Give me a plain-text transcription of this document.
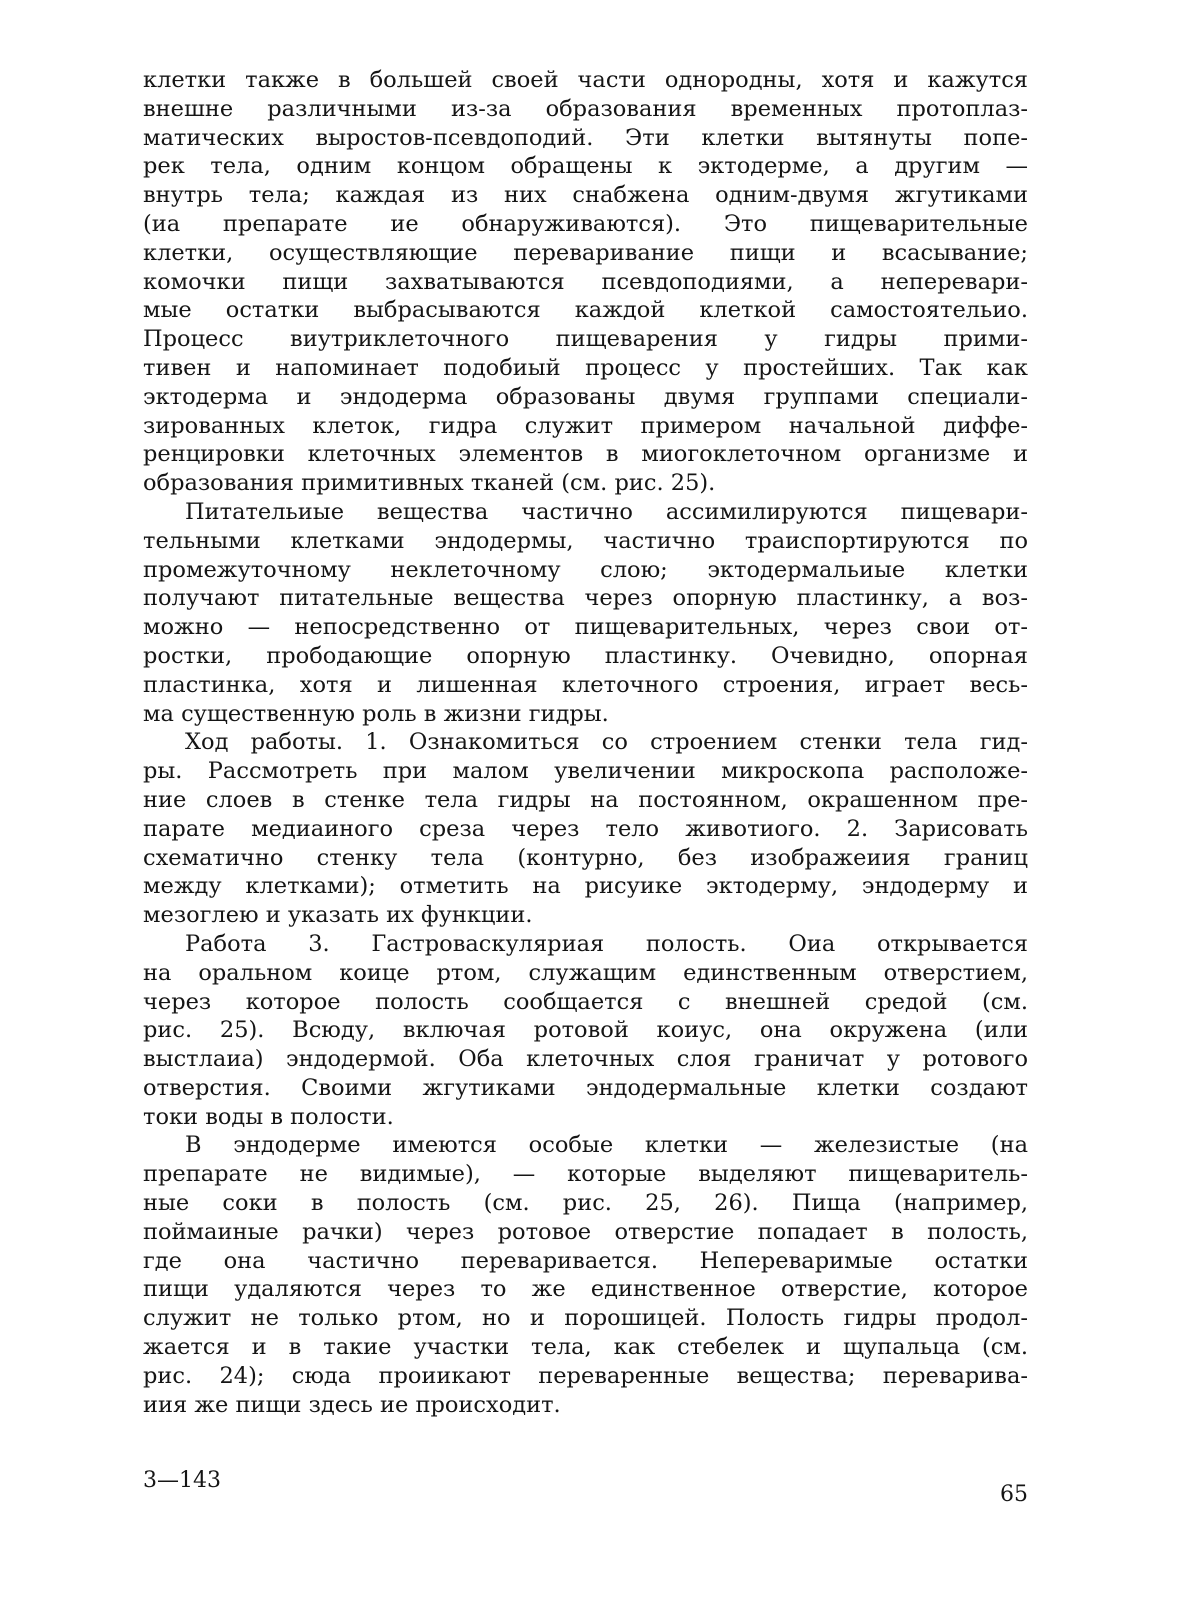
клетки также в большей своей части однородны, хотя и кажутся
внешне различными из-за образования временных протоплаз-
матических выростов-псевдоподий. Эти клетки вытянуты попе-
рек тела, одним концом обращены к эктодерме, а другим —
внутрь тела; каждая из них снабжена одним-двумя жгутиками
(иа препарате ие обнаруживаются). Это пищеварительные
клетки, осуществляющие переваривание пищи и всасывание;
комочки пищи захватываются псевдоподиями, а неперевари-
мые остатки выбрасываются каждой клеткой самостоятельио.
Процесс виутриклеточного пищеварения у гидры прими-
тивен и напоминает подобиый процесс у простейших. Так как
эктодерма и эндодерма образованы двумя группами специали-
зированных клеток, гидра служит примером начальной диффе-
ренцировки клеточных элементов в миогоклеточном организме и
образования примитивных тканей (см. рис. 25).

Питательиые вещества частично ассимилируются пищевари-
тельными клетками эндодермы, частично траиспортируются по
промежуточному неклеточному слою; эктодермальиые клетки
получают питательные вещества через опорную пластинку, а воз-
можно — непосредственно от пищеварительных, через свои от-
ростки, прободающие опорную пластинку. Очевидно, опорная
пластинка, хотя и лишенная клеточного строения, играет весь-
ма существенную роль в жизни гидры.

Ход работы. 1. Ознакомиться со строением стенки тела гид-
ры. Рассмотреть при малом увеличении микроскопа расположе-
ние слоев в стенке тела гидры на постоянном, окрашенном пре-
парате медиаиного среза через тело животиого. 2. Зарисовать
схематично стенку тела (контурно, без изображеиия границ
между клетками); отметить на рисуике эктодерму, эндодерму и
мезоглею и указать их функции.

Работа 3. Гастроваскуляриая полость. Оиа открывается
на оральном коице ртом, служащим единственным отверстием,
через которое полость сообщается с внешней средой (см.
рис. 25). Всюду, включая ротовой коиус, она окружена (или
выстлаиа) эндодермой. Оба клеточных слоя граничат у ротового
отверстия. Своими жгутиками эндодермальные клетки создают
токи воды в полости.

В эндодерме имеются особые клетки — железистые (на
препарате не видимые), — которые выделяют пищеваритель-
ные соки в полость (см. рис. 25, 26). Пища (например,
поймаиные рачки) через ротовое отверстие попадает в полость,
где она частично переваривается. Непереваримые остатки
пищи удаляются через то же единственное отверстие, которое
служит не только ртом, но и порошицей. Полость гидры продол-
жается и в такие участки тела, как стебелек и щупальца (см.
рис. 24); сюда проиикают переваренные вещества; переварива-
иия же пищи здесь ие происходит.

3—143
65
